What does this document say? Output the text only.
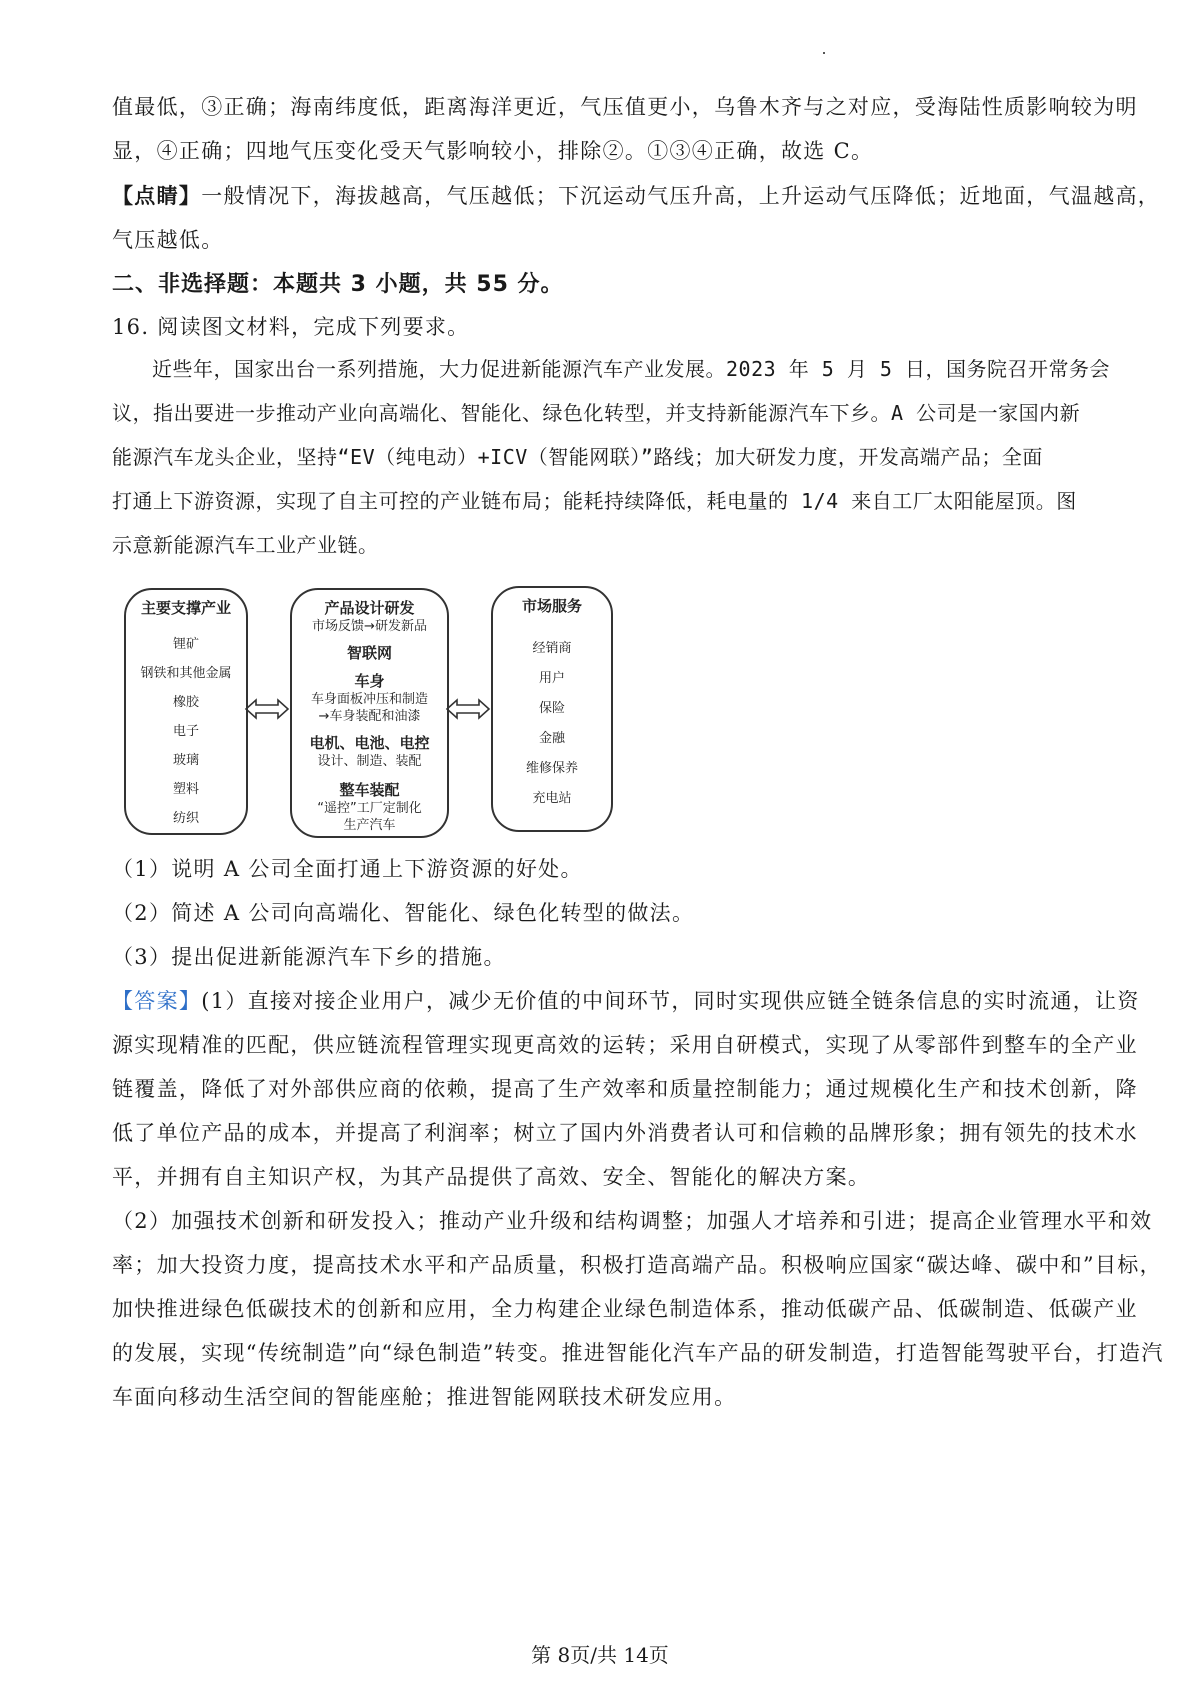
值最低，③正确；海南纬度低，距离海洋更近，气压值更小，乌鲁木齐与之对应，受海陆性质影响较为明
显，④正确；四地气压变化受天气影响较小，排除②。①③④正确，故选 C。
【点睛】一般情况下，海拔越高，气压越低；下沉运动气压升高，上升运动气压降低；近地面，气温越高，
气压越低。
二、非选择题：本题共 3 小题，共 55 分。
16. 阅读图文材料，完成下列要求。
近些年，国家出台一系列措施，大力促进新能源汽车产业发展。2023 年 5 月 5 日，国务院召开常务会
议，指出要进一步推动产业向高端化、智能化、绿色化转型，并支持新能源汽车下乡。A 公司是一家国内新
能源汽车龙头企业，坚持“EV（纯电动）+ICV（智能网联）”路线；加大研发力度，开发高端产品；全面
打通上下游资源，实现了自主可控的产业链布局；能耗持续降低，耗电量的 1/4 来自工厂太阳能屋顶。图
示意新能源汽车工业产业链。
主要支撑产业
锂矿
钢铁和其他金属
橡胶
电子
玻璃
塑料
纺织
产品设计研发
市场反馈→研发新品
智联网
车身
车身面板冲压和制造
→车身装配和油漆
电机、电池、电控
设计、制造、装配
整车装配
“遥控”工厂定制化
生产汽车
市场服务
经销商
用户
保险
金融
维修保养
充电站
（1）说明 A 公司全面打通上下游资源的好处。
（2）简述 A 公司向高端化、智能化、绿色化转型的做法。
（3）提出促进新能源汽车下乡的措施。
【答案】(1）直接对接企业用户，减少无价值的中间环节，同时实现供应链全链条信息的实时流通，让资
源实现精准的匹配，供应链流程管理实现更高效的运转；采用自研模式，实现了从零部件到整车的全产业
链覆盖，降低了对外部供应商的依赖，提高了生产效率和质量控制能力；通过规模化生产和技术创新，降
低了单位产品的成本，并提高了利润率；树立了国内外消费者认可和信赖的品牌形象；拥有领先的技术水
平，并拥有自主知识产权，为其产品提供了高效、安全、智能化的解决方案。
（2）加强技术创新和研发投入；推动产业升级和结构调整；加强人才培养和引进；提高企业管理水平和效
率；加大投资力度，提高技术水平和产品质量，积极打造高端产品。积极响应国家“碳达峰、碳中和”目标，
加快推进绿色低碳技术的创新和应用，全力构建企业绿色制造体系，推动低碳产品、低碳制造、低碳产业
的发展，实现“传统制造”向“绿色制造”转变。推进智能化汽车产品的研发制造，打造智能驾驶平台，打造汽
车面向移动生活空间的智能座舱；推进智能网联技术研发应用。
第 8页/共 14页
